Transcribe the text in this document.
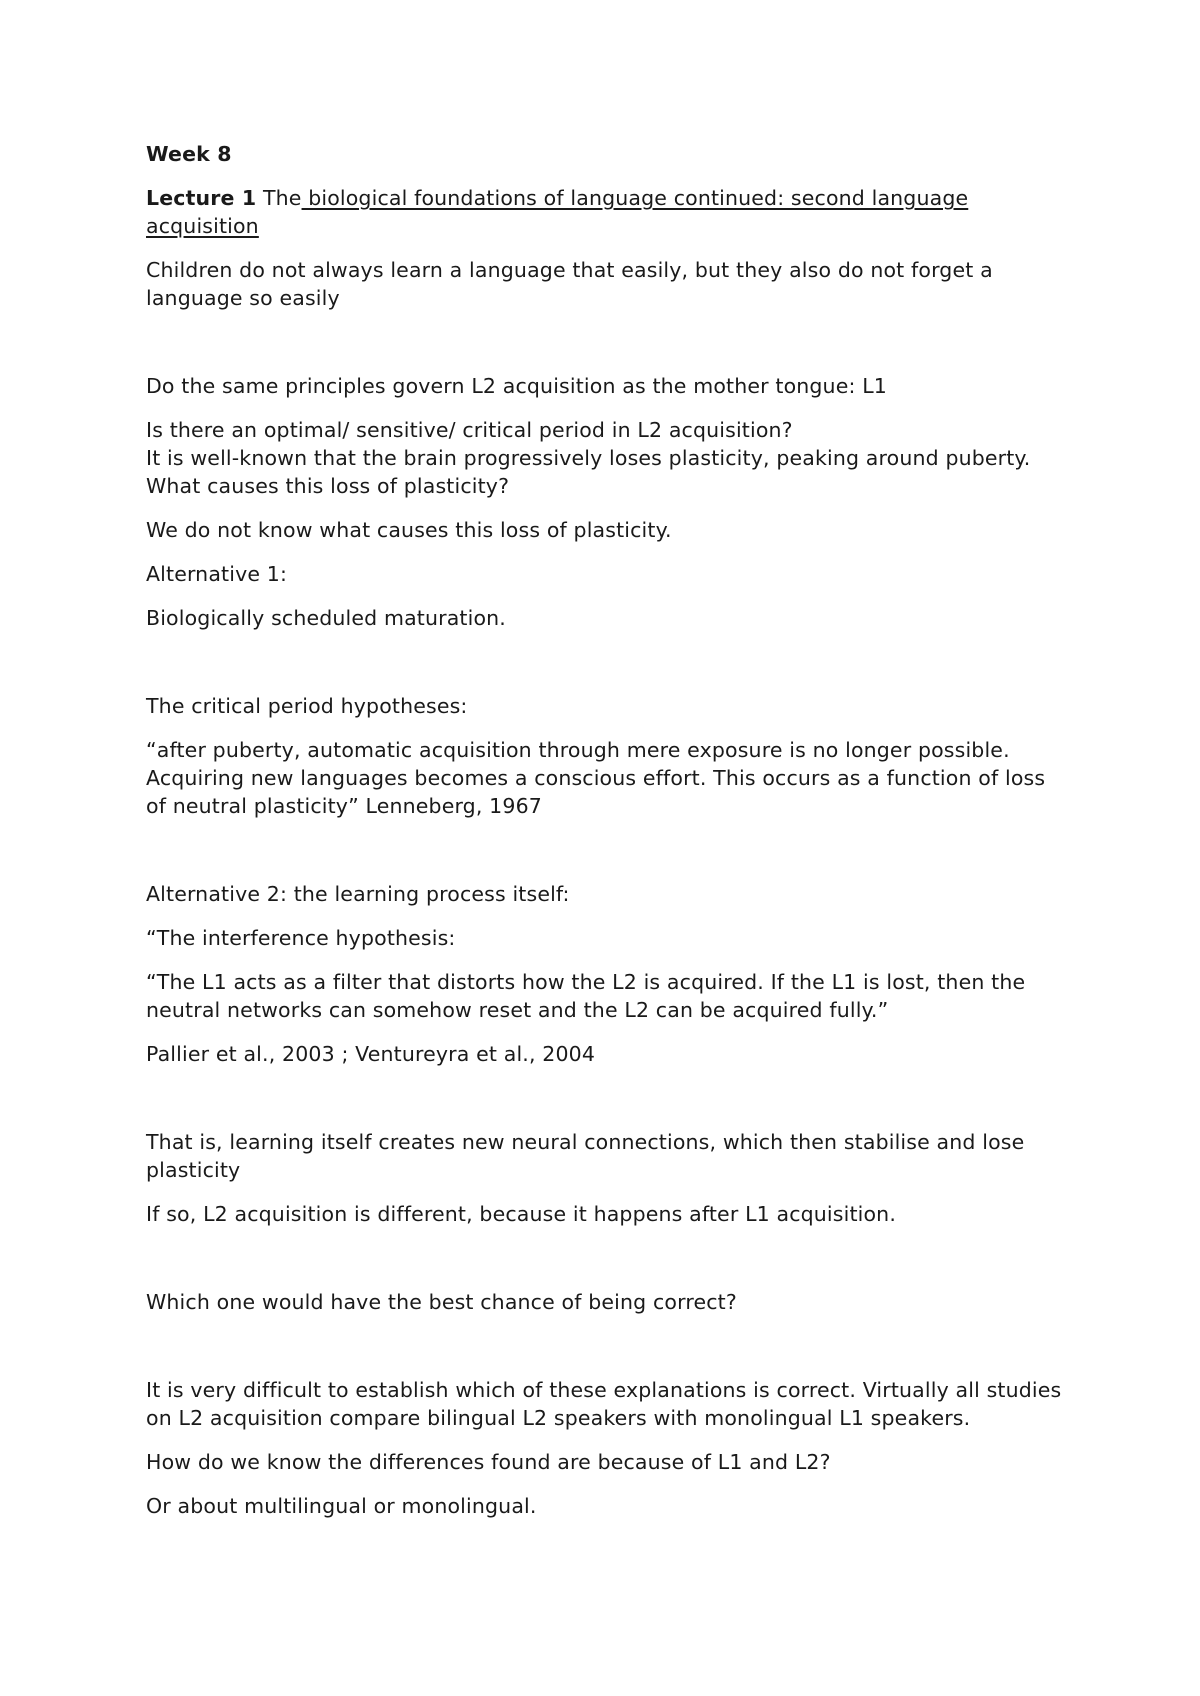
Week 8
Lecture 1 The biological foundations of language continued: second language acquisition
Children do not always learn a language that easily, but they also do not forget a language so easily
Do the same principles govern L2 acquisition as the mother tongue: L1
Is there an optimal/ sensitive/ critical period in L2 acquisition?
It is well-known that the brain progressively loses plasticity, peaking around puberty. What causes this loss of plasticity?
We do not know what causes this loss of plasticity.
Alternative 1:
Biologically scheduled maturation.
The critical period hypotheses:
“after puberty, automatic acquisition through mere exposure is no longer possible. Acquiring new languages becomes a conscious effort. This occurs as a function of loss of neutral plasticity” Lenneberg, 1967
Alternative 2: the learning process itself:
“The interference hypothesis:
“The L1 acts as a filter that distorts how the L2 is acquired. If the L1 is lost, then the neutral networks can somehow reset and the L2 can be acquired fully.”
Pallier et al., 2003 ; Ventureyra et al., 2004
That is, learning itself creates new neural connections, which then stabilise and lose plasticity
If so, L2 acquisition is different, because it happens after L1 acquisition.
Which one would have the best chance of being correct?
It is very difficult to establish which of these explanations is correct. Virtually all studies on L2 acquisition compare bilingual L2 speakers with monolingual L1 speakers.
How do we know the differences found are because of L1 and L2?
Or about multilingual or monolingual.
